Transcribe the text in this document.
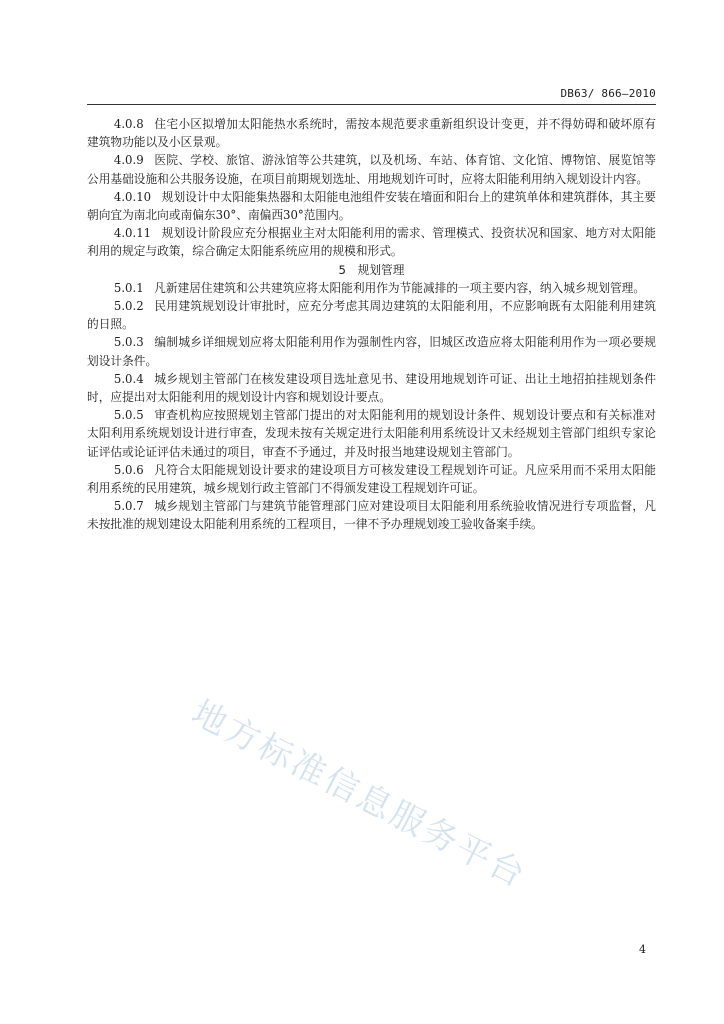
DB63/ 866—2010

4.0.8 住宅小区拟增加太阳能热水系统时，需按本规范要求重新组织设计变更，并不得妨碍和破坏原有建筑物功能以及小区景观。

4.0.9 医院、学校、旅馆、游泳馆等公共建筑，以及机场、车站、体育馆、文化馆、博物馆、展览馆等公用基础设施和公共服务设施，在项目前期规划选址、用地规划许可时，应将太阳能利用纳入规划设计内容。

4.0.10 规划设计中太阳能集热器和太阳能电池组件安装在墙面和阳台上的建筑单体和建筑群体，其主要朝向宜为南北向或南偏东30°、南偏西30°范围内。

4.0.11 规划设计阶段应充分根据业主对太阳能利用的需求、管理模式、投资状况和国家、地方对太阳能利用的规定与政策，综合确定太阳能系统应用的规模和形式。

5 规划管理

5.0.1 凡新建居住建筑和公共建筑应将太阳能利用作为节能减排的一项主要内容，纳入城乡规划管理。

5.0.2 民用建筑规划设计审批时，应充分考虑其周边建筑的太阳能利用，不应影响既有太阳能利用建筑的日照。

5.0.3 编制城乡详细规划应将太阳能利用作为强制性内容，旧城区改造应将太阳能利用作为一项必要规划设计条件。

5.0.4 城乡规划主管部门在核发建设项目选址意见书、建设用地规划许可证、出让土地招拍挂规划条件时，应提出对太阳能利用的规划设计内容和规划设计要点。

5.0.5 审查机构应按照规划主管部门提出的对太阳能利用的规划设计条件、规划设计要点和有关标准对太阳利用系统规划设计进行审查，发现未按有关规定进行太阳能利用系统设计又未经规划主管部门组织专家论证评估或论证评估未通过的项目，审查不予通过，并及时报当地建设规划主管部门。

5.0.6 凡符合太阳能规划设计要求的建设项目方可核发建设工程规划许可证。凡应采用而不采用太阳能利用系统的民用建筑，城乡规划行政主管部门不得颁发建设工程规划许可证。

5.0.7 城乡规划主管部门与建筑节能管理部门应对建设项目太阳能利用系统验收情况进行专项监督，凡未按批准的规划建设太阳能利用系统的工程项目，一律不予办理规划竣工验收备案手续。

地方标准信息服务平台
4
